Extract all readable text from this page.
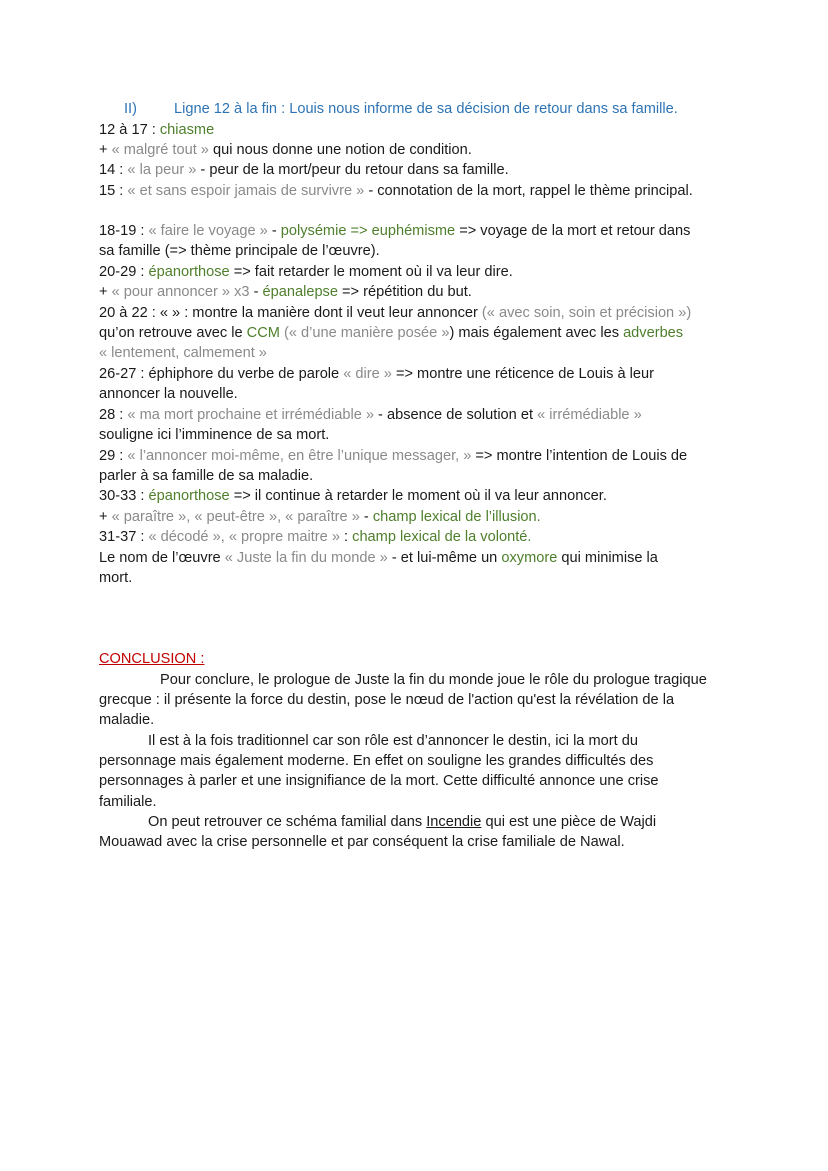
II)	Ligne 12 à la fin : Louis nous informe de sa décision de retour dans sa famille.
12 à 17 : chiasme
+ « malgré tout » qui nous donne une notion de condition.
14 : « la peur » - peur de la mort/peur du retour dans sa famille.
15 : « et sans espoir jamais de survivre » - connotation de la mort, rappel le thème principal.
18-19 : « faire le voyage » - polysémie => euphémisme => voyage de la mort et retour dans
sa famille (=> thème principale de l’œuvre).
20-29 : épanorthose => fait retarder le moment où il va leur dire.
+ « pour annoncer » x3 - épanalepse => répétition du but.
20 à 22 : « » : montre la manière dont il veut leur annoncer (« avec soin, soin et précision »)
qu’on retrouve avec le CCM (« d’une manière posée ») mais également avec les adverbes
« lentement, calmement »
26-27 : éphiphore du verbe de parole « dire » => montre une réticence de Louis à leur
annoncer la nouvelle.
28 : « ma mort prochaine et irrémédiable » - absence de solution et « irrémédiable »
souligne ici l’imminence de sa mort.
29 : « l’annoncer moi-même, en être l’unique messager, » => montre l’intention de Louis de
parler à sa famille de sa maladie.
30-33 : épanorthose => il continue à retarder le moment où il va leur annoncer.
+ « paraître », « peut-être », « paraître » - champ lexical de l’illusion.
31-37 : « décodé », « propre maitre » : champ lexical de la volonté.
Le nom de l’œuvre « Juste la fin du monde » - et lui-même un oxymore qui minimise la
mort.
CONCLUSION :
Pour conclure, le prologue de Juste la fin du monde joue le rôle du prologue tragique
grecque : il présente la force du destin, pose le nœud de l'action qu'est la révélation de la
maladie.
Il est à la fois traditionnel car son rôle est d’annoncer le destin, ici la mort du
personnage mais également moderne. En effet on souligne les grandes difficultés des
personnages à parler et une insignifiance de la mort. Cette difficulté annonce une crise
familiale.
On peut retrouver ce schéma familial dans Incendie qui est une pièce de Wajdi
Mouawad avec la crise personnelle et par conséquent la crise familiale de Nawal.
